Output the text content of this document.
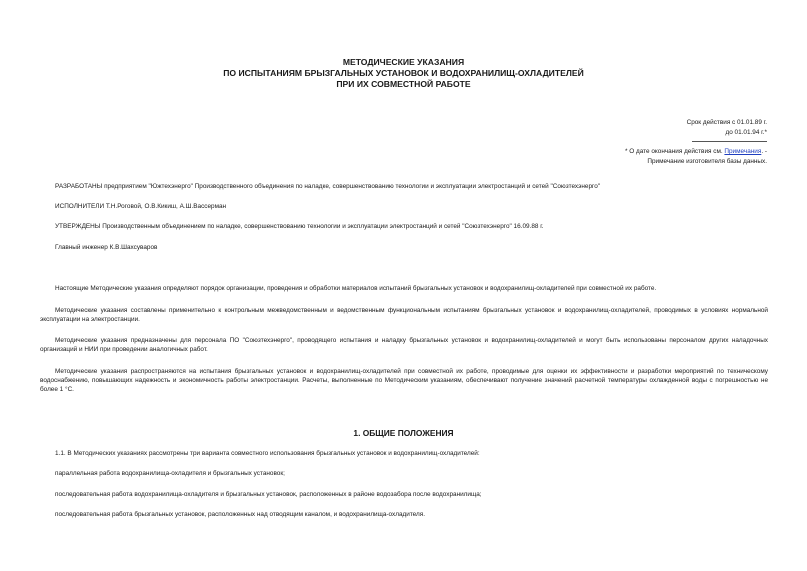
МЕТОДИЧЕСКИЕ УКАЗАНИЯ
ПО ИСПЫТАНИЯМ БРЫЗГАЛЬНЫХ УСТАНОВОК И ВОДОХРАНИЛИЩ-ОХЛАДИТЕЛЕЙ
ПРИ ИХ СОВМЕСТНОЙ РАБОТЕ
Срок действия с 01.01.89 г.
до 01.01.94 г.*
* О дате окончания действия см. Примечания. -
Примечание изготовителя базы данных.
РАЗРАБОТАНЫ предприятием "Южтехэнерго" Производственного объединения по наладке, совершенствованию технологии и эксплуатации электростанций и сетей "Союзтехэнерго"
ИСПОЛНИТЕЛИ Т.Н.Роговой, О.В.Кикиш, А.Ш.Вассерман
УТВЕРЖДЕНЫ Производственным объединением по наладке, совершенствованию технологии и эксплуатации электростанций и сетей "Союзтехэнерго" 16.09.88 г.
Главный инженер К.В.Шахсуваров
Настоящие Методические указания определяют порядок организации, проведения и обработки материалов испытаний брызгальных установок и водохранилищ-охладителей при совместной их работе.
Методические указания составлены применительно к контрольным межведомственным и ведомственным функциональным испытаниям брызгальных установок и водохранилищ-охладителей, проводимых в условиях нормальной эксплуатации на электростанции.
Методические указания предназначены для персонала ПО "Союзтехэнерго", проводящего испытания и наладку брызгальных установок и водохранилищ-охладителей и могут быть использованы персоналом других наладочных организаций и НИИ при проведении аналогичных работ.
Методические указания распространяются на испытания брызгальных установок и водохранилищ-охладителей при совместной их работе, проводимые для оценки их эффективности и разработки мероприятий по техническому водоснабжению, повышающих надежность и экономичность работы электростанции. Расчеты, выполненные по Методическим указаниям, обеспечивают получение значений расчетной температуры охлажденной воды с погрешностью не более 1 °С.
1. ОБЩИЕ ПОЛОЖЕНИЯ
1.1. В Методических указаниях рассмотрены три варианта совместного использования брызгальных установок и водохранилищ-охладителей:
параллельная работа водохранилища-охладителя и брызгальных установок;
последовательная работа водохранилища-охладителя и брызгальных установок, расположенных в районе водозабора после водохранилища;
последовательная работа брызгальных установок, расположенных над отводящим каналом, и водохранилища-охладителя.
